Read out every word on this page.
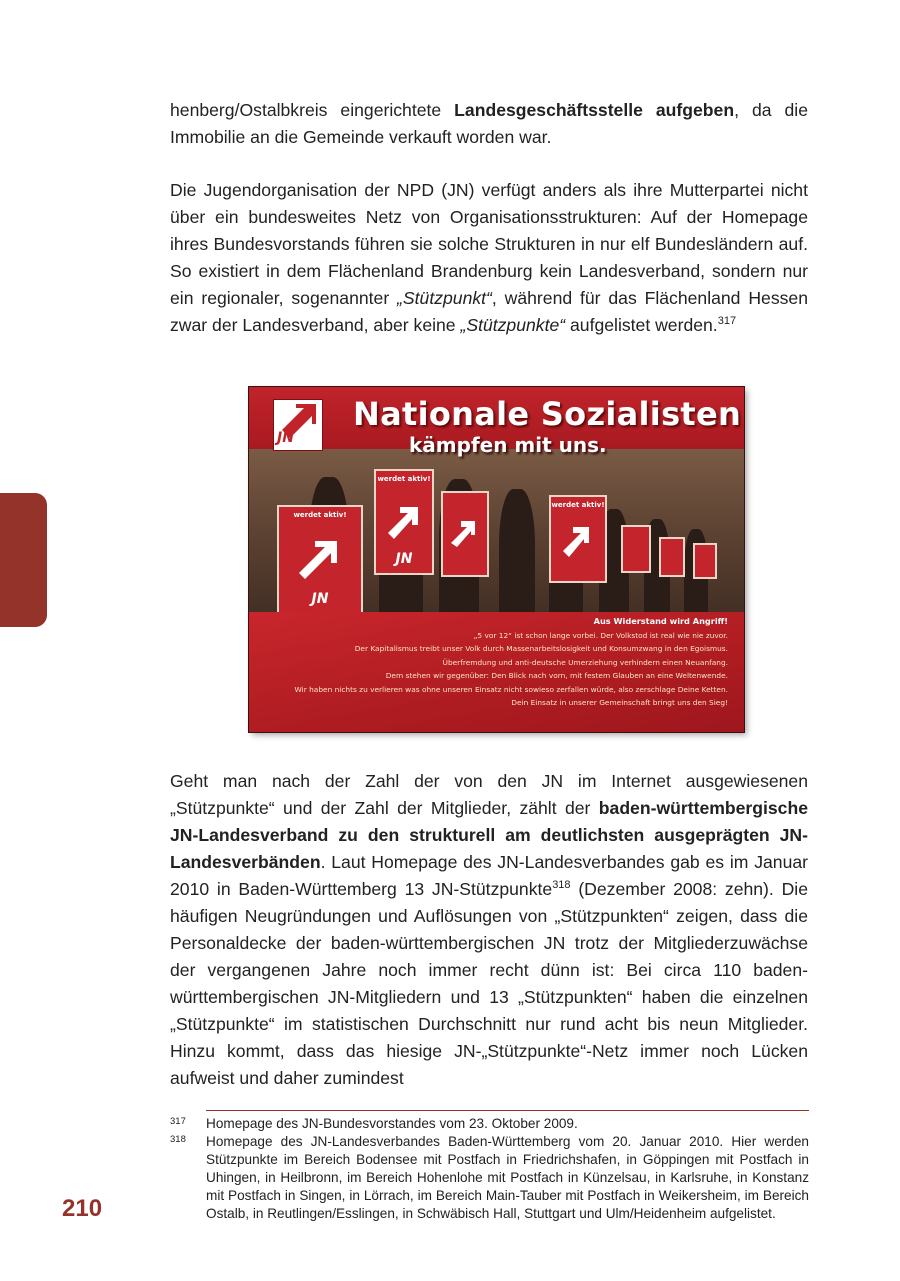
henberg/Ostalbkreis eingerichtete Landesgeschäftsstelle aufgeben, da die Immobilie an die Gemeinde verkauft worden war.

Die Jugendorganisation der NPD (JN) verfügt anders als ihre Mutterpartei nicht über ein bundesweites Netz von Organisationsstrukturen: Auf der Homepage ihres Bundesvorstands führen sie solche Strukturen in nur elf Bundesländern auf. So existiert in dem Flächenland Brandenburg kein Landesverband, sondern nur ein regionaler, sogenannter „Stützpunkt“, während für das Flächenland Hessen zwar der Landesverband, aber keine „Stützpunkte“ aufgelistet werden.$^{317}$

JN
Nationale Sozialisten
kämpfen mit uns.
werdet aktiv!
JN
werdet aktiv!
JN
werdet aktiv!
Aus Widerstand wird Angriff!
„5 vor 12“ ist schon lange vorbei. Der Volkstod ist real wie nie zuvor.
Der Kapitalismus treibt unser Volk durch Massenarbeitslosigkeit und Konsumzwang in den Egoismus.
Überfremdung und anti-deutsche Umerziehung verhindern einen Neuanfang.
Dem stehen wir gegenüber: Den Blick nach vorn, mit festem Glauben an eine Weltenwende.
Wir haben nichts zu verlieren was ohne unseren Einsatz nicht sowieso zerfallen würde, also zerschlage Deine Ketten.
Dein Einsatz in unserer Gemeinschaft bringt uns den Sieg!

Geht man nach der Zahl der von den JN im Internet ausgewiesenen „Stützpunkte“ und der Zahl der Mitglieder, zählt der baden-württembergische JN-Landesverband zu den strukturell am deutlichsten ausgeprägten JN-Landesverbänden. Laut Homepage des JN-Landesverbandes gab es im Januar 2010 in Baden-Württemberg 13 JN-Stützpunkte$^{318}$ (Dezember 2008: zehn). Die häufigen Neugründungen und Auflösungen von „Stützpunkten“ zeigen, dass die Personaldecke der baden-württembergischen JN trotz der Mitgliederzuwächse der vergangenen Jahre noch immer recht dünn ist: Bei circa 110 baden-württembergischen JN-Mitgliedern und 13 „Stützpunkten“ haben die einzelnen „Stützpunkte“ im statistischen Durchschnitt nur rund acht bis neun Mitglieder. Hinzu kommt, dass das hiesige JN-„Stützpunkte“-Netz immer noch Lücken aufweist und daher zumindest

317 Homepage des JN-Bundesvorstandes vom 23. Oktober 2009.
318 Homepage des JN-Landesverbandes Baden-Württemberg vom 20. Januar 2010. Hier werden Stützpunkte im Bereich Bodensee mit Postfach in Friedrichshafen, in Göppingen mit Postfach in Uhingen, in Heilbronn, im Bereich Hohenlohe mit Postfach in Künzelsau, in Karlsruhe, in Konstanz mit Postfach in Singen, in Lörrach, im Bereich Main-Tauber mit Postfach in Weikersheim, im Bereich Ostalb, in Reutlingen/Esslingen, in Schwäbisch Hall, Stuttgart und Ulm/Heidenheim aufgelistet.
210
